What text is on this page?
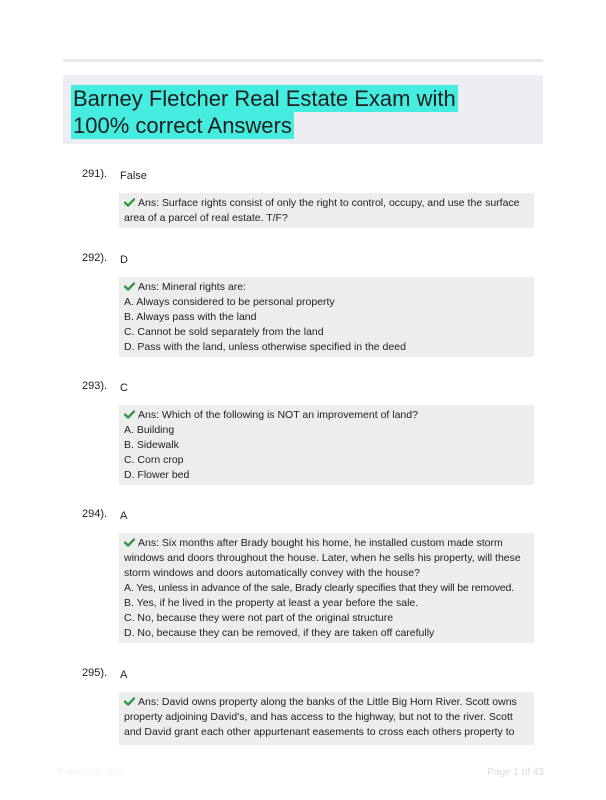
Barney Fletcher Real Estate Exam with 100% correct Answers
291). False
Ans: Surface rights consist of only the right to control, occupy, and use the surface area of a parcel of real estate. T/F?
292). D
Ans: Mineral rights are:
A. Always considered to be personal property
B. Always pass with the land
C. Cannot be sold separately from the land
D. Pass with the land, unless otherwise specified in the deed
293). C
Ans: Which of the following is NOT an improvement of land?
A. Building
B. Sidewalk
C. Corn crop
D. Flower bed
294). A
Ans: Six months after Brady bought his home, he installed custom made storm windows and doors throughout the house. Later, when he sells his property, will these storm windows and doors automatically convey with the house?
A. Yes, unless in advance of the sale, Brady clearly specifies that they will be removed.
B. Yes, if he lived in the property at least a year before the sale.
C. No, because they were not part of the original structure
D. No, because they can be removed, if they are taken off carefully
295). A
Ans: David owns property along the banks of the Little Big Horn River. Scott owns property adjoining David's, and has access to the highway, but not to the river. Scott and David grant each other appurtenant easements to cross each others property to
Papertftllc.com	Page 1 of 43
